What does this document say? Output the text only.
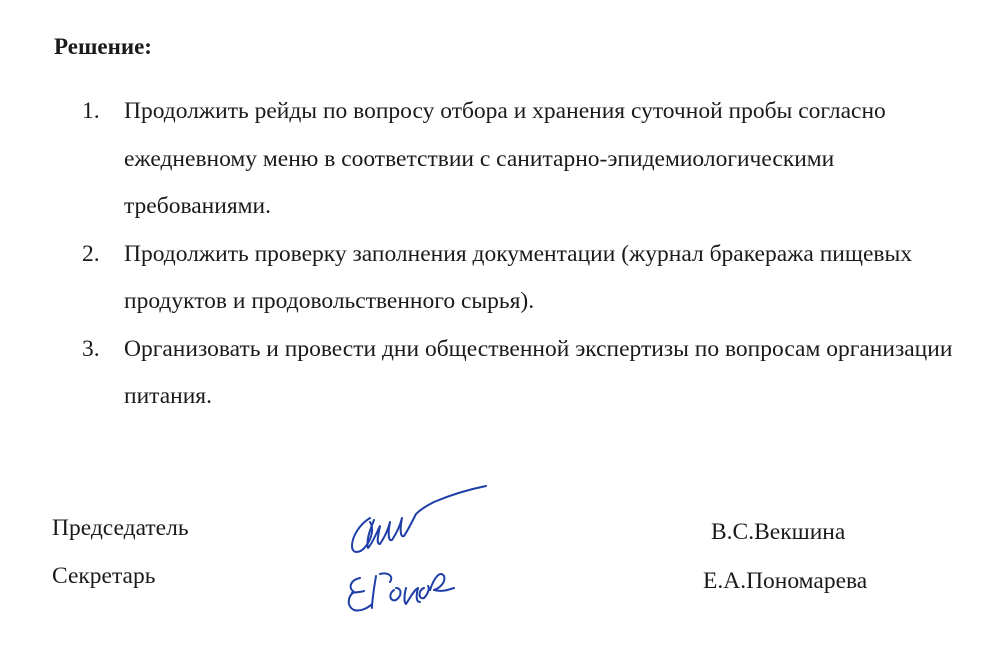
Решение:
1. Продолжить рейды по вопросу отбора и хранения суточной пробы согласно ежедневному меню в соответствии с санитарно-эпидемиологическими требованиями.
2. Продолжить проверку заполнения документации (журнал бракеража пищевых продуктов и продовольственного сырья).
3. Организовать и провести дни общественной экспертизы по вопросам организации питания.
Председатель
Секретарь
В.С.Векшина
Е.А.Пономарева
